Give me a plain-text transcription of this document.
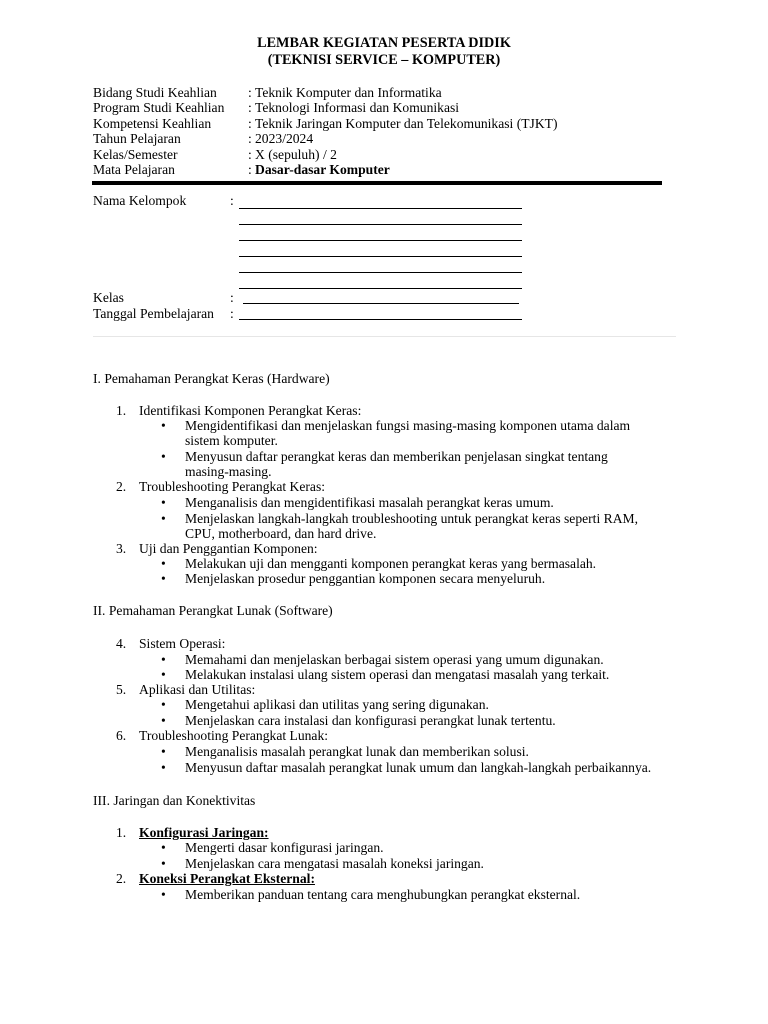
LEMBAR KEGIATAN PESERTA DIDIK
(TEKNISI SERVICE – KOMPUTER)
Bidang Studi Keahlian : Teknik Komputer dan Informatika
Program Studi Keahlian : Teknologi Informasi dan Komunikasi
Kompetensi Keahlian	: Teknik Jaringan Komputer dan Telekomunikasi (TJKT)
Tahun Pelajaran	: 2023/2024
Kelas/Semester	: X (sepuluh) / 2
Mata Pelajaran	: Dasar-dasar Komputer
Nama Kelompok	:
Kelas	:
Tanggal Pembelajaran :
I. Pemahaman Perangkat Keras (Hardware)
1. Identifikasi Komponen Perangkat Keras:
• Mengidentifikasi dan menjelaskan fungsi masing-masing komponen utama dalam
sistem komputer.
• Menyusun daftar perangkat keras dan memberikan penjelasan singkat tentang
masing-masing.
2. Troubleshooting Perangkat Keras:
• Menganalisis dan mengidentifikasi masalah perangkat keras umum.
• Menjelaskan langkah-langkah troubleshooting untuk perangkat keras seperti RAM,
CPU, motherboard, dan hard drive.
3. Uji dan Penggantian Komponen:
• Melakukan uji dan mengganti komponen perangkat keras yang bermasalah.
• Menjelaskan prosedur penggantian komponen secara menyeluruh.
II. Pemahaman Perangkat Lunak (Software)
4. Sistem Operasi:
• Memahami dan menjelaskan berbagai sistem operasi yang umum digunakan.
• Melakukan instalasi ulang sistem operasi dan mengatasi masalah yang terkait.
5. Aplikasi dan Utilitas:
• Mengetahui aplikasi dan utilitas yang sering digunakan.
• Menjelaskan cara instalasi dan konfigurasi perangkat lunak tertentu.
6. Troubleshooting Perangkat Lunak:
• Menganalisis masalah perangkat lunak dan memberikan solusi.
• Menyusun daftar masalah perangkat lunak umum dan langkah-langkah perbaikannya.
III. Jaringan dan Konektivitas
1. Konfigurasi Jaringan:
• Mengerti dasar konfigurasi jaringan.
• Menjelaskan cara mengatasi masalah koneksi jaringan.
2. Koneksi Perangkat Eksternal:
• Memberikan panduan tentang cara menghubungkan perangkat eksternal.
